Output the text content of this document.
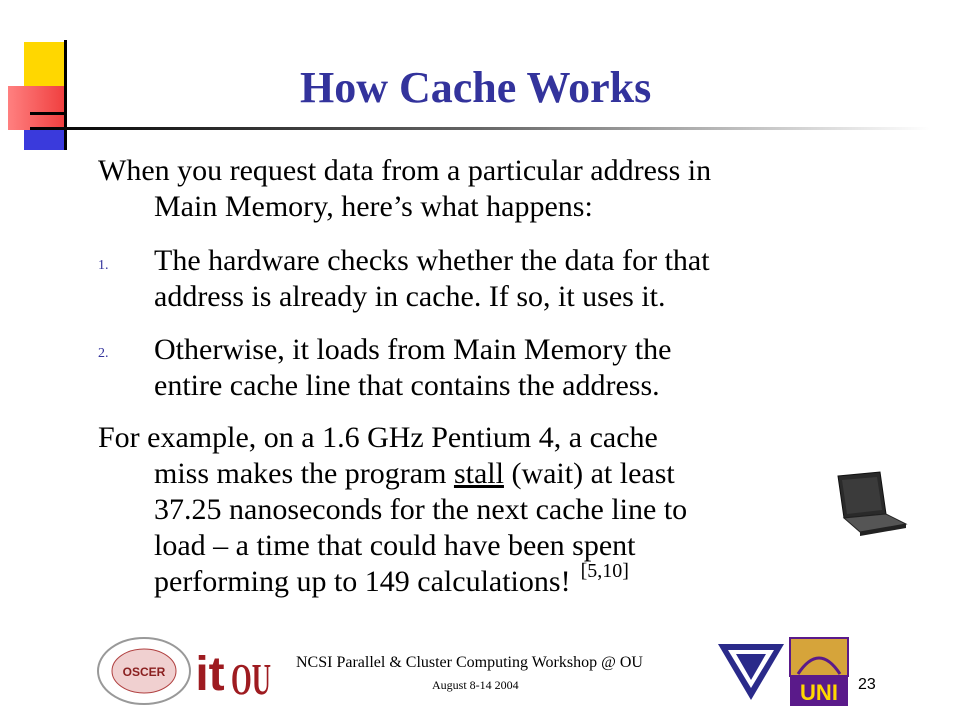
How Cache Works
When you request data from a particular address in
Main Memory, here’s what happens:
1. The hardware checks whether the data for that
address is already in cache. If so, it uses it.
2. Otherwise, it loads from Main Memory the
entire cache line that contains the address.
For example, on a 1.6 GHz Pentium 4, a cache
miss makes the program stall (wait) at least
37.25 nanoseconds for the next cache line to
load – a time that could have been spent
performing up to 149 calculations! [5,10]
OSCER it OU NCSI Parallel & Cluster Computing Workshop @ OU
August 8-14 2004	UNI 23
